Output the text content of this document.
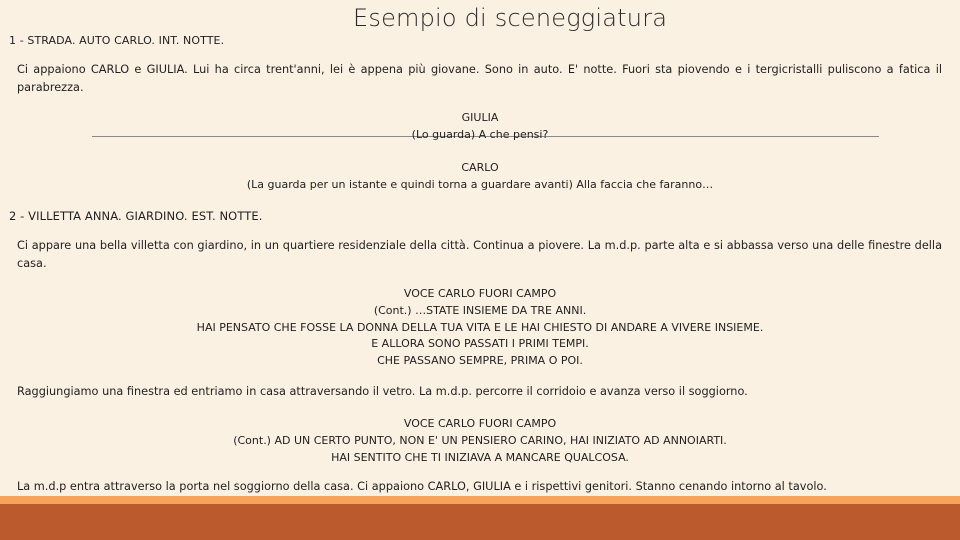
1 - STRADA. AUTO CARLO. INT. NOTTE.
Esempio di sceneggiatura
Ci appaiono CARLO e GIULIA. Lui ha circa trent'anni, lei è appena più giovane. Sono in auto. E' notte. Fuori sta piovendo e i tergicristalli puliscono a fatica il parabrezza.
GIULIA
(Lo guarda) A che pensi?
CARLO
(La guarda per un istante e quindi torna a guardare avanti) Alla faccia che faranno…
2 - VILLETTA ANNA. GIARDINO. EST. NOTTE.
Ci appare una bella villetta con giardino, in un quartiere residenziale della città. Continua a piovere. La m.d.p. parte alta e si abbassa verso una delle finestre della casa.
VOCE CARLO FUORI CAMPO
(Cont.) …STATE INSIEME DA TRE ANNI.
HAI PENSATO CHE FOSSE LA DONNA DELLA TUA VITA E LE HAI CHIESTO DI ANDARE A VIVERE INSIEME.
E ALLORA SONO PASSATI I PRIMI TEMPI.
CHE PASSANO SEMPRE, PRIMA O POI.
Raggiungiamo una finestra ed entriamo in casa attraversando il vetro. La m.d.p. percorre il corridoio e avanza verso il soggiorno.
VOCE CARLO FUORI CAMPO
(Cont.) AD UN CERTO PUNTO, NON E' UN PENSIERO CARINO, HAI INIZIATO AD ANNOIARTI.
HAI SENTITO CHE TI INIZIAVA A MANCARE QUALCOSA.
La m.d.p entra attraverso la porta nel soggiorno della casa. Ci appaiono CARLO, GIULIA e i rispettivi genitori. Stanno cenando intorno al tavolo.
